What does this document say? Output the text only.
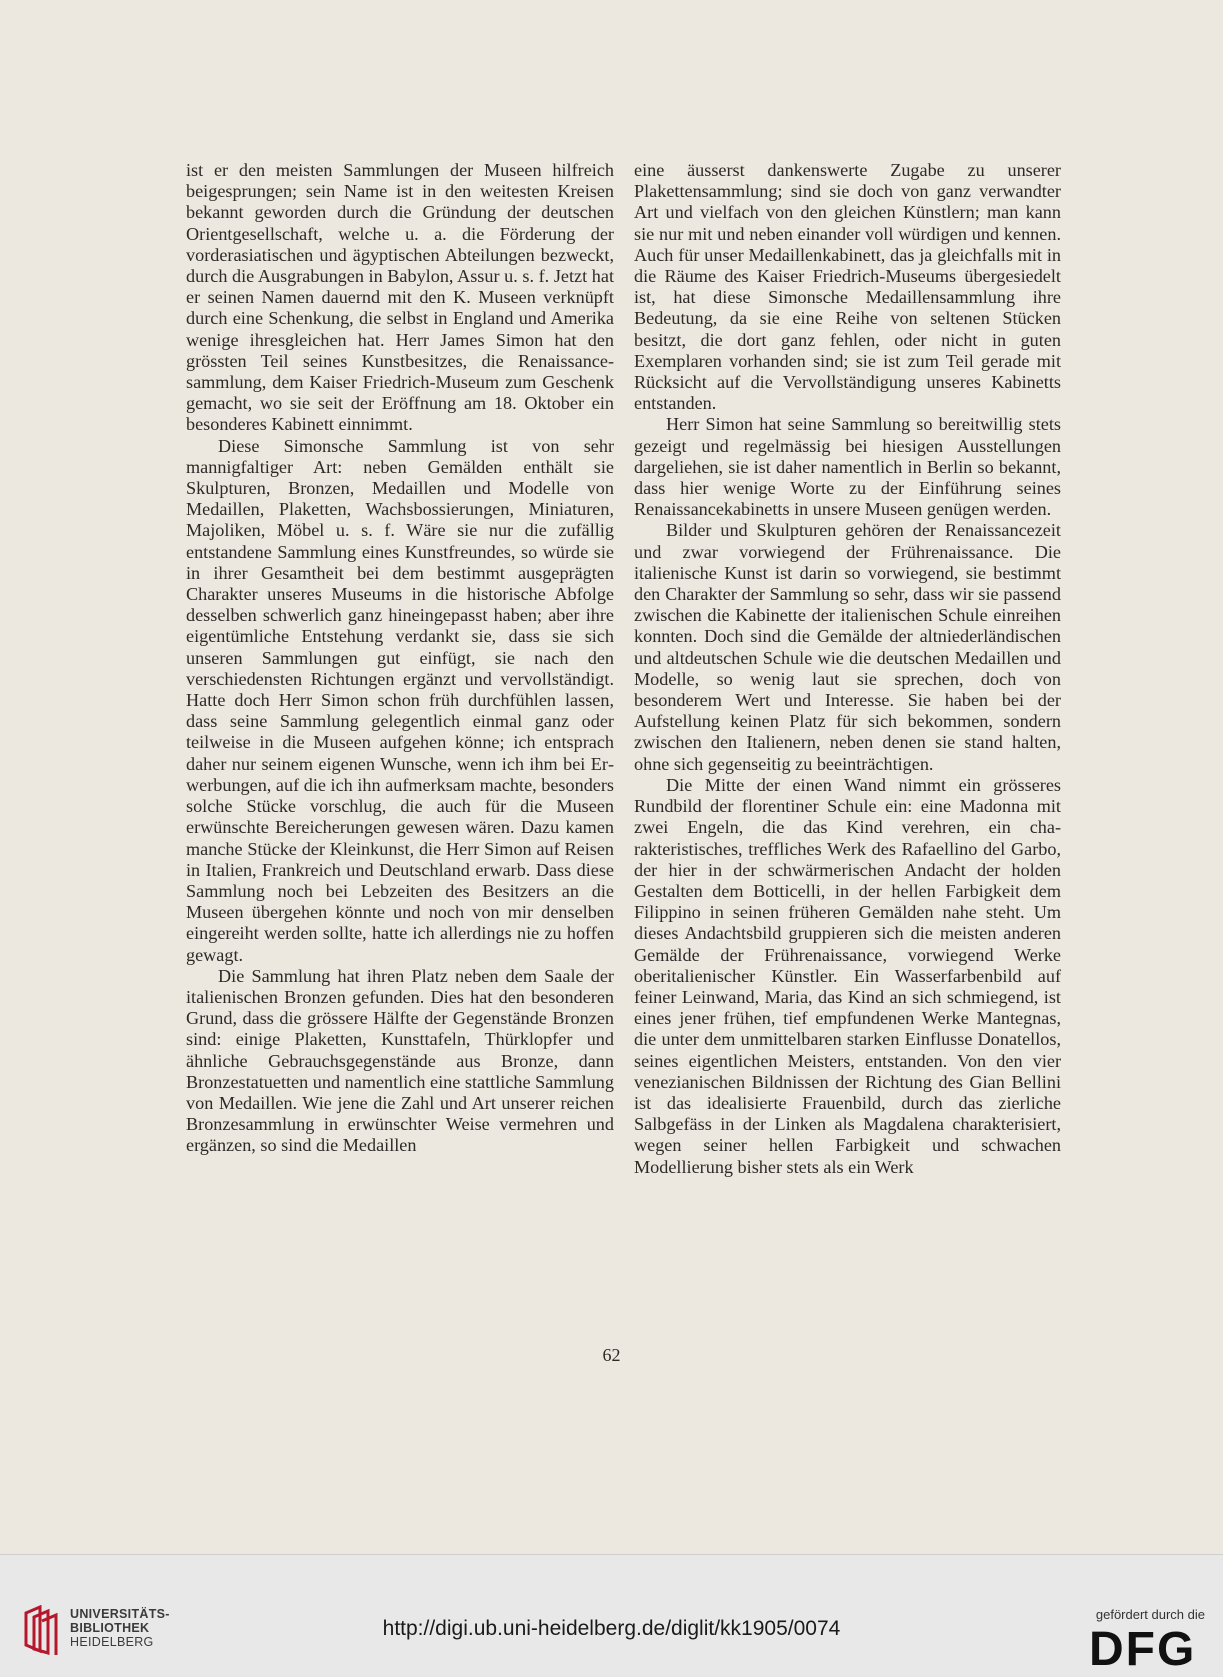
ist er den meisten Sammlungen der Museen hilfreich beigesprungen; sein Name ist in den weitesten Kreisen bekannt geworden durch die Gründung der deutschen Orientgesellschaft, welche u. a. die Förderung der vorderasiatischen und ägyptischen Abteilungen bezweckt, durch die Ausgrabungen in Babylon, Assur u. s. f. Jetzt hat er seinen Namen dauernd mit den K. Museen verknüpft durch eine Schenkung, die selbst in England und Amerika wenige ihresgleichen hat. Herr James Simon hat den grössten Teil seines Kunstbesitzes, die Renaissancesammlung, dem Kaiser Friedrich-Museum zum Geschenk gemacht, wo sie seit der Eröffnung am 18. Oktober ein besonderes Kabinett einnimmt.

Diese Simonsche Sammlung ist von sehr mannigfaltiger Art: neben Gemälden enthält sie Skulpturen, Bronzen, Medaillen und Modelle von Medaillen, Plaketten, Wachsbossierungen, Miniaturen, Majoliken, Möbel u. s. f. Wäre sie nur die zufällig entstandene Sammlung eines Kunstfreundes, so würde sie in ihrer Gesamtheit bei dem bestimmt ausgeprägten Charakter unseres Museums in die historische Abfolge desselben schwerlich ganz hineingepasst haben; aber ihre eigentümliche Entstehung verdankt sie, dass sie sich unseren Sammlungen gut einfügt, sie nach den verschiedensten Richtungen ergänzt und vervollständigt. Hatte doch Herr Simon schon früh durchfühlen lassen, dass seine Sammlung gelegentlich einmal ganz oder teilweise in die Museen aufgehen könne; ich entsprach daher nur seinem eigenen Wunsche, wenn ich ihm bei Erwerbungen, auf die ich ihn aufmerksam machte, besonders solche Stücke vorschlug, die auch für die Museen erwünschte Bereicherungen gewesen wären. Dazu kamen manche Stücke der Kleinkunst, die Herr Simon auf Reisen in Italien, Frankreich und Deutschland erwarb. Dass diese Sammlung noch bei Lebzeiten des Besitzers an die Museen übergehen könnte und noch von mir denselben eingereiht werden sollte, hatte ich allerdings nie zu hoffen gewagt.

Die Sammlung hat ihren Platz neben dem Saale der italienischen Bronzen gefunden. Dies hat den besonderen Grund, dass die grössere Hälfte der Gegenstände Bronzen sind: einige Plaketten, Kunsttafeln, Thürklopfer und ähnliche Gebrauchsgegenstände aus Bronze, dann Bronzestatuetten und namentlich eine stattliche Sammlung von Medaillen. Wie jene die Zahl und Art unserer reichen Bronzesammlung in erwünschter Weise vermehren und ergänzen, so sind die Medaillen

eine äusserst dankenswerte Zugabe zu unserer Plakettensammlung; sind sie doch von ganz verwandter Art und vielfach von den gleichen Künstlern; man kann sie nur mit und neben einander voll würdigen und kennen. Auch für unser Medaillenkabinett, das ja gleichfalls mit in die Räume des Kaiser Friedrich-Museums übergesiedelt ist, hat diese Simonsche Medaillensammlung ihre Bedeutung, da sie eine Reihe von seltenen Stücken besitzt, die dort ganz fehlen, oder nicht in guten Exemplaren vorhanden sind; sie ist zum Teil gerade mit Rücksicht auf die Vervollständigung unseres Kabinetts entstanden.

Herr Simon hat seine Sammlung so bereitwillig stets gezeigt und regelmässig bei hiesigen Ausstellungen dargeliehen, sie ist daher namentlich in Berlin so bekannt, dass hier wenige Worte zu der Einführung seines Renaissancekabinetts in unsere Museen genügen werden.

Bilder und Skulpturen gehören der Renaissancezeit und zwar vorwiegend der Frührenaissance. Die italienische Kunst ist darin so vorwiegend, sie bestimmt den Charakter der Sammlung so sehr, dass wir sie passend zwischen die Kabinette der italienischen Schule einreihen konnten. Doch sind die Gemälde der altniederländischen und altdeutschen Schule wie die deutschen Medaillen und Modelle, so wenig laut sie sprechen, doch von besonderem Wert und Interesse. Sie haben bei der Aufstellung keinen Platz für sich bekommen, sondern zwischen den Italienern, neben denen sie stand halten, ohne sich gegenseitig zu beeinträchtigen.

Die Mitte der einen Wand nimmt ein grösseres Rundbild der florentiner Schule ein: eine Madonna mit zwei Engeln, die das Kind verehren, ein charakteristisches, treffliches Werk des Rafaellino del Garbo, der hier in der schwärmerischen Andacht der holden Gestalten dem Botticelli, in der hellen Farbigkeit dem Filippino in seinen früheren Gemälden nahe steht. Um dieses Andachtsbild gruppieren sich die meisten anderen Gemälde der Frührenaissance, vorwiegend Werke oberitalienischer Künstler. Ein Wasserfarbenbild auf feiner Leinwand, Maria, das Kind an sich schmiegend, ist eines jener frühen, tief empfundenen Werke Mantegnas, die unter dem unmittelbaren starken Einflusse Donatellos, seines eigentlichen Meisters, entstanden. Von den vier venezianischen Bildnissen der Richtung des Gian Bellini ist das idealisierte Frauenbild, durch das zierliche Salbgefäss in der Linken als Magdalena charakterisiert, wegen seiner hellen Farbigkeit und schwachen Modellierung bisher stets als ein Werk

62
UNIVERSITÄTS-
BIBLIOTHEK
HEIDELBERG
http://digi.ub.uni-heidelberg.de/diglit/kk1905/0074
gefördert durch die
DFG
